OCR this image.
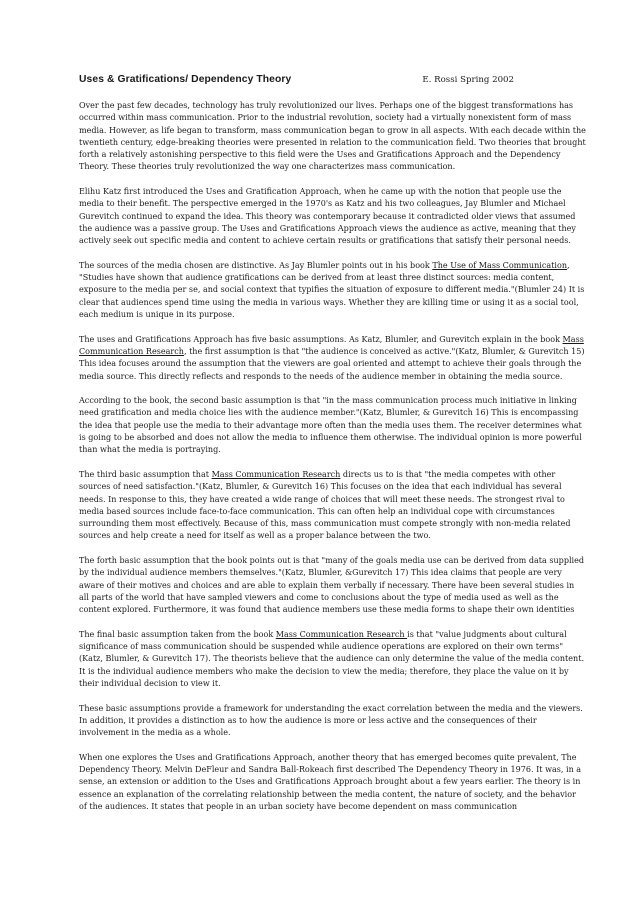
Uses & Gratifications/ Dependency Theory	E. Rossi Spring 2002

Over the past few decades, technology has truly revolutionized our lives. Perhaps one of the biggest transformations has occurred within mass communication. Prior to the industrial revolution, society had a virtually nonexistent form of mass media. However, as life began to transform, mass communication began to grow in all aspects. With each decade within the twentieth century, edge-breaking theories were presented in relation to the communication field. Two theories that brought forth a relatively astonishing perspective to this field were the Uses and Gratifications Approach and the Dependency Theory. These theories truly revolutionized the way one characterizes mass communication.

Elihu Katz first introduced the Uses and Gratification Approach, when he came up with the notion that people use the media to their benefit. The perspective emerged in the 1970's as Katz and his two colleagues, Jay Blumler and Michael Gurevitch continued to expand the idea. This theory was contemporary because it contradicted older views that assumed the audience was a passive group. The Uses and Gratifications Approach views the audience as active, meaning that they actively seek out specific media and content to achieve certain results or gratifications that satisfy their personal needs.

The sources of the media chosen are distinctive. As Jay Blumler points out in his book The Use of Mass Communication, "Studies have shown that audience gratifications can be derived from at least three distinct sources: media content, exposure to the media per se, and social context that typifies the situation of exposure to different media."(Blumler 24) It is clear that audiences spend time using the media in various ways. Whether they are killing time or using it as a social tool, each medium is unique in its purpose.

The uses and Gratifications Approach has five basic assumptions. As Katz, Blumler, and Gurevitch explain in the book Mass Communication Research, the first assumption is that "the audience is conceived as active."(Katz, Blumler, & Gurevitch 15) This idea focuses around the assumption that the viewers are goal oriented and attempt to achieve their goals through the media source. This directly reflects and responds to the needs of the audience member in obtaining the media source.

According to the book, the second basic assumption is that "in the mass communication process much initiative in linking need gratification and media choice lies with the audience member."(Katz, Blumler, & Gurevitch 16) This is encompassing the idea that people use the media to their advantage more often than the media uses them. The receiver determines what is going to be absorbed and does not allow the media to influence them otherwise. The individual opinion is more powerful than what the media is portraying.

The third basic assumption that Mass Communication Research directs us to is that "the media competes with other sources of need satisfaction."(Katz, Blumler, & Gurevitch 16) This focuses on the idea that each individual has several needs. In response to this, they have created a wide range of choices that will meet these needs. The strongest rival to media based sources include face-to-face communication. This can often help an individual cope with circumstances surrounding them most effectively. Because of this, mass communication must compete strongly with non-media related sources and help create a need for itself as well as a proper balance between the two.

The forth basic assumption that the book points out is that "many of the goals media use can be derived from data supplied by the individual audience members themselves."(Katz, Blumler, &Gurevitch 17) This idea claims that people are very aware of their motives and choices and are able to explain them verbally if necessary. There have been several studies in all parts of the world that have sampled viewers and come to conclusions about the type of media used as well as the content explored. Furthermore, it was found that audience members use these media forms to shape their own identities

The final basic assumption taken from the book Mass Communication Research is that "value judgments about cultural significance of mass communication should be suspended while audience operations are explored on their own terms"(Katz, Blumler, & Gurevitch 17). The theorists believe that the audience can only determine the value of the media content. It is the individual audience members who make the decision to view the media; therefore, they place the value on it by their individual decision to view it.

These basic assumptions provide a framework for understanding the exact correlation between the media and the viewers. In addition, it provides a distinction as to how the audience is more or less active and the consequences of their involvement in the media as a whole.

When one explores the Uses and Gratifications Approach, another theory that has emerged becomes quite prevalent, The Dependency Theory. Melvin DeFleur and Sandra Ball-Rokeach first described The Dependency Theory in 1976. It was, in a sense, an extension or addition to the Uses and Gratifications Approach brought about a few years earlier. The theory is in essence an explanation of the correlating relationship between the media content, the nature of society, and the behavior of the audiences. It states that people in an urban society have become dependent on mass communication
